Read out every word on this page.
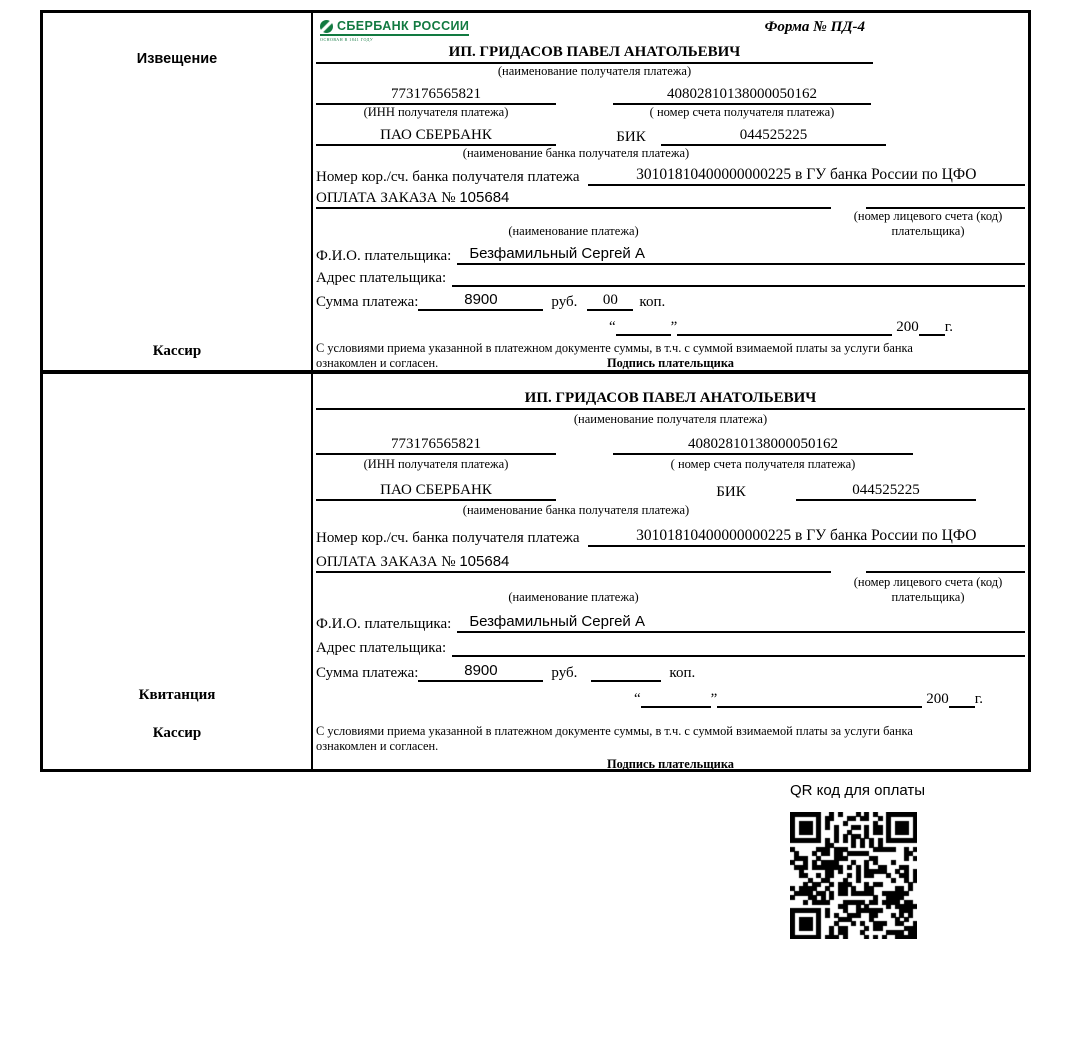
Извещение
Кассир
СБЕРБАНК РОССИИ
ОСНОВАН В 1841 ГОДУ
Форма № ПД-4
ИП. ГРИДАСОВ ПАВЕЛ АНАТОЛЬЕВИЧ
(наименование получателя платежа)
773176565821	40802810138000050162
(ИНН получателя платежа)	( номер счета получателя платежа)
ПАО СБЕРБАНК	БИК	044525225
(наименование банка получателя платежа)
Номер кор./сч. банка получателя платежа	30101810400000000225 в ГУ банка России по ЦФО
ОПЛАТА ЗАКАЗА № 105684
(наименование платежа)
(номер лицевого счета (код) плательщика)
Ф.И.О. плательщика:	Безфамильный Сергей А
Адрес плательщика:
Сумма платежа:	8900	руб.	00	коп.
“	”	200 г.
С условиями приема указанной в платежном документе суммы, в т.ч. с суммой взимаемой платы за услуги банка
ознакомлен и согласен.	Подпись плательщика
Квитанция
Кассир
ИП. ГРИДАСОВ ПАВЕЛ АНАТОЛЬЕВИЧ
(наименование получателя платежа)
773176565821	40802810138000050162
(ИНН получателя платежа)	( номер счета получателя платежа)
ПАО СБЕРБАНК	БИК	044525225
(наименование банка получателя платежа)
Номер кор./сч. банка получателя платежа	30101810400000000225 в ГУ банка России по ЦФО
ОПЛАТА ЗАКАЗА № 105684
(наименование платежа)
(номер лицевого счета (код) плательщика)
Ф.И.О. плательщика:	Безфамильный Сергей А
Адрес плательщика:
Сумма платежа:	8900	руб.	коп.
“	”	200 г.
С условиями приема указанной в платежном документе суммы, в т.ч. с суммой взимаемой платы за услуги банка
ознакомлен и согласен.
Подпись плательщика
QR код для оплаты
